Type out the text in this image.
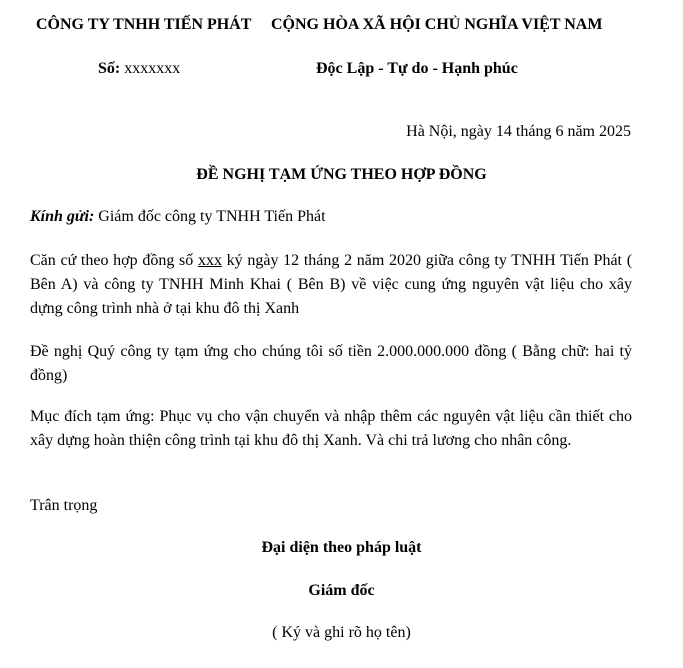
CÔNG TY TNHH TIẾN PHÁT CỘNG HÒA XÃ HỘI CHỦ NGHĨA VIỆT NAM
Số: xxxxxxx	Độc Lập - Tự do - Hạnh phúc
Hà Nội, ngày 14 tháng 6 năm 2025
ĐỀ NGHỊ TẠM ỨNG THEO HỢP ĐỒNG
Kính gửi: Giám đốc công ty TNHH Tiến Phát
Căn cứ theo hợp đồng số xxx ký ngày 12 tháng 2 năm 2020 giữa công ty TNHH Tiến Phát ( Bên A) và công ty TNHH Minh Khai ( Bên B) về việc cung ứng nguyên vật liệu cho xây dựng công trình nhà ở tại khu đô thị Xanh
Đề nghị Quý công ty tạm ứng cho chúng tôi số tiền 2.000.000.000 đồng ( Bằng chữ: hai tỷ đồng)
Mục đích tạm ứng: Phục vụ cho vận chuyển và nhập thêm các nguyên vật liệu cần thiết cho xây dựng hoàn thiện công trình tại khu đô thị Xanh. Và chi trả lương cho nhân công.
Trân trọng
Đại diện theo pháp luật
Giám đốc
( Ký và ghi rõ họ tên)
